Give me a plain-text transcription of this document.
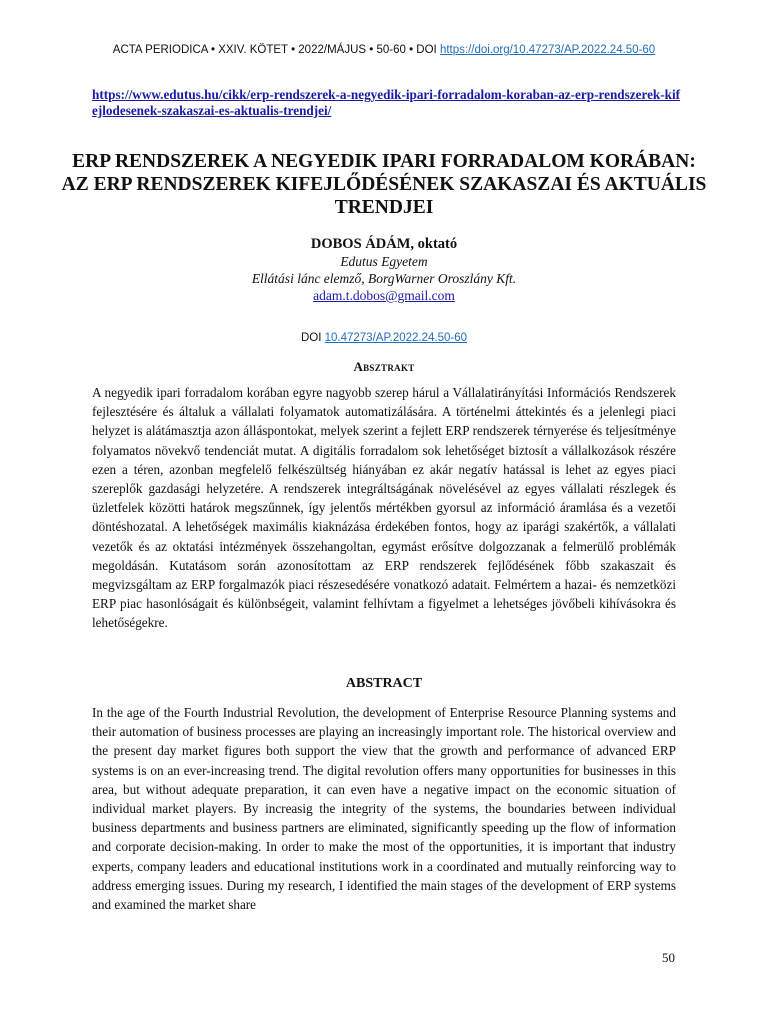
ACTA PERIODICA • XXIV. KÖTET • 2022/MÁJUS • 50-60 • DOI https://doi.org/10.47273/AP.2022.24.50-60
https://www.edutus.hu/cikk/erp-rendszerek-a-negyedik-ipari-forradalom-koraban-az-erp-rendszerek-kifejlodesenek-szakaszai-es-aktualis-trendjei/
ERP RENDSZEREK A NEGYEDIK IPARI FORRADALOM KORÁBAN: AZ ERP RENDSZEREK KIFEJLŐDÉSÉNEK SZAKASZAI ÉS AKTUÁLIS TRENDJEI
DOBOS ÁDÁM, oktató
Edutus Egyetem
Ellátási lánc elemző, BorgWarner Oroszlány Kft.
adam.t.dobos@gmail.com
DOI 10.47273/AP.2022.24.50-60
Absztrakt

A negyedik ipari forradalom korában egyre nagyobb szerep hárul a Vállalatirányítási Információs Rendszerek fejlesztésére és általuk a vállalati folyamatok automatizálására. A történelmi áttekintés és a jelenlegi piaci helyzet is alátámasztja azon álláspontokat, melyek szerint a fejlett ERP rendszerek térnyerése és teljesítménye folyamatos növekvő tendenciát mutat. A digitális forradalom sok lehetőséget biztosít a vállalkozások részére ezen a téren, azonban megfelelő felkészültség hiányában ez akár negatív hatással is lehet az egyes piaci szereplők gazdasági helyzetére. A rendszerek integráltságának növelésével az egyes vállalati részlegek és üzletfelek közötti határok megszűnnek, így jelentős mértékben gyorsul az információ áramlása és a vezetői döntéshozatal. A lehetőségek maximális kiaknázása érdekében fontos, hogy az iparági szakértők, a vállalati vezetők és az oktatási intézmények összehangoltan, egymást erősítve dolgozzanak a felmerülő problémák megoldásán. Kutatásom során azonosítottam az ERP rendszerek fejlődésének főbb szakaszait és megvizsgáltam az ERP forgalmazók piaci részesedésére vonatkozó adatait. Felmértem a hazai- és nemzetközi ERP piac hasonlóságait és különbségeit, valamint felhívtam a figyelmet a lehetséges jövőbeli kihívásokra és lehetőségekre.

ABSTRACT

In the age of the Fourth Industrial Revolution, the development of Enterprise Resource Planning systems and their automation of business processes are playing an increasingly important role. The historical overview and the present day market figures both support the view that the growth and performance of advanced ERP systems is on an ever-increasing trend. The digital revolution offers many opportunities for businesses in this area, but without adequate preparation, it can even have a negative impact on the economic situation of individual market players. By increasig the integrity of the systems, the boundaries between individual business departments and business partners are eliminated, significantly speeding up the flow of information and corporate decision-making. In order to make the most of the opportunities, it is important that industry experts, company leaders and educational institutions work in a coordinated and mutually reinforcing way to address emerging issues. During my research, I identified the main stages of the development of ERP systems and examined the market share

50
